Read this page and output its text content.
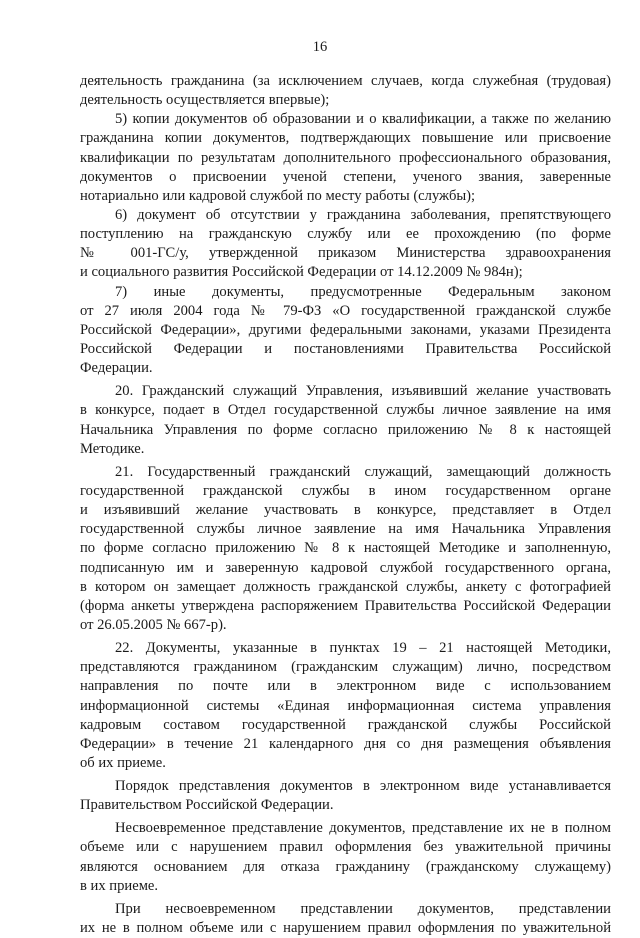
16
деятельность гражданина (за исключением случаев, когда служебная (трудовая)
деятельность осуществляется впервые);
5) копии документов об образовании и о квалификации, а также по желанию
гражданина копии документов, подтверждающих повышение или присвоение
квалификации по результатам дополнительного профессионального образования,
документов о присвоении ученой степени, ученого звания, заверенные
нотариально или кадровой службой по месту работы (службы);
6) документ об отсутствии у гражданина заболевания, препятствующего
поступлению на гражданскую службу или ее прохождению (по форме
№ 001-ГС/у, утвержденной приказом Министерства здравоохранения
и социального развития Российской Федерации от 14.12.2009 № 984н);
7) иные документы, предусмотренные Федеральным законом
от 27 июля 2004 года № 79-ФЗ «О государственной гражданской службе
Российской Федерации», другими федеральными законами, указами Президента
Российской Федерации и постановлениями Правительства Российской
Федерации.
20. Гражданский служащий Управления, изъявивший желание участвовать
в конкурсе, подает в Отдел государственной службы личное заявление на имя
Начальника Управления по форме согласно приложению № 8 к настоящей
Методике.
21. Государственный гражданский служащий, замещающий должность
государственной гражданской службы в ином государственном органе
и изъявивший желание участвовать в конкурсе, представляет в Отдел
государственной службы личное заявление на имя Начальника Управления
по форме согласно приложению № 8 к настоящей Методике и заполненную,
подписанную им и заверенную кадровой службой государственного органа,
в котором он замещает должность гражданской службы, анкету с фотографией
(форма анкеты утверждена распоряжением Правительства Российской Федерации
от 26.05.2005 № 667-р).
22. Документы, указанные в пунктах 19 – 21 настоящей Методики,
представляются гражданином (гражданским служащим) лично, посредством
направления по почте или в электронном виде с использованием
информационной системы «Единая информационная система управления
кадровым составом государственной гражданской службы Российской
Федерации» в течение 21 календарного дня со дня размещения объявления
об их приеме.
Порядок представления документов в электронном виде устанавливается
Правительством Российской Федерации.
Несвоевременное представление документов, представление их не в полном
объеме или с нарушением правил оформления без уважительной причины
являются основанием для отказа гражданину (гражданскому служащему)
в их приеме.
При несвоевременном представлении документов, представлении
их не в полном объеме или с нарушением правил оформления по уважительной
